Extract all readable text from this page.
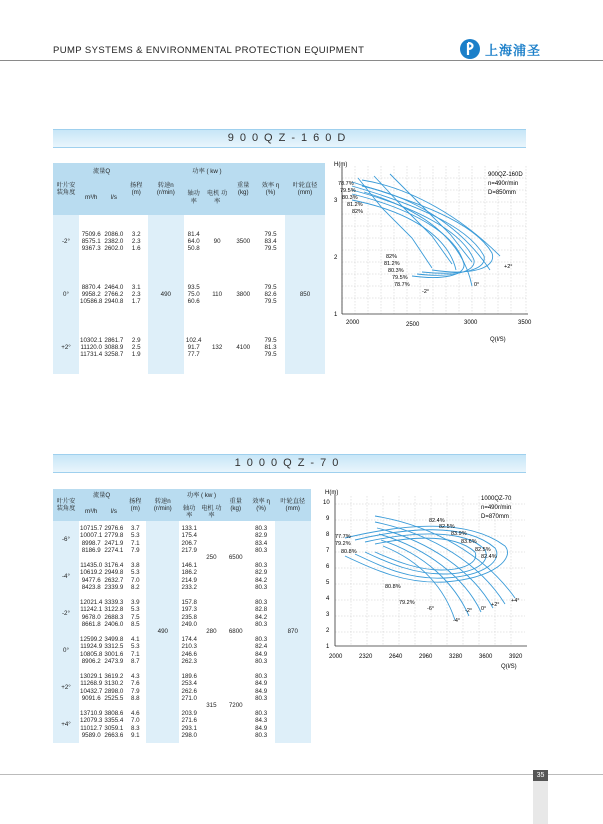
PUMP SYSTEMS & ENVIRONMENTAL PROTECTION EQUIPMENT	上海浦圣
900QZ-160D
叶片安装角度	流量Q		扬程 (m)	转速n (r/min)	功率 ( kw )		重量 (kg)	效率 η (%)	叶轮直径 (mm)
	m³/h	l/s			轴功率	电机 功率			
-2°	7509.6
8575.1
9367.3	2086.0
2382.0
2602.0	3.2
2.3
1.6	490	81.4
64.0
50.8	90	3500	79.5
83.4
79.5	850
0°	8870.4
9958.2
10586.8	2464.0
2766.2
2940.8	3.1
2.3
1.7		93.5
75.0
60.6	110	3800	79.5
82.6
79.5	
+2°	10302.1
11120.0
11731.4	2861.7
3088.9
3258.7	2.9
2.5
1.9		102.4
91.7
77.7	132	4100	79.5
81.3
79.5	
H(m)
Q(l/S)
1
2
3
2000	2500	3000	3500
900QZ-160D
n=490r/min
D=850mm
78.7%
79.5%
80.3%
81.2%
82%
82%
81.2%
80.3%
79.5%
78.7%
-2°
0°
+2°
1000QZ-70
叶片安装角度	流量Q		扬程 (m)	转速n (r/min)	功率 ( kw )		重量 (kg)	效率 η (%)	叶轮直径 (mm)
	m³/h	l/s			轴功率	电机 功率			
-6°	10715.7
10007.1
8998.7
8186.9	2976.6
2779.8
2471.9
2274.1	3.7
5.3
7.1
7.9	490	133.1
175.4
206.7
217.9	250	6500	80.3
82.9
83.4
80.3	870
-4°	11435.0
10619.2
9477.6
8423.8	3176.4
2949.8
2632.7
2339.9	3.8
5.3
7.0
8.2		146.1
186.2
214.9
233.2			80.3
82.9
84.2
80.3	
-2°	12021.4
11242.1
9678.0
8661.8	3339.3
3122.8
2688.3
2406.0	3.9
5.3
7.5
8.5		157.8
197.3
235.8
249.0	280	6800	80.3
82.8
84.2
80.3	
0°	12599.2
11924.9
10805.8
8906.2	3499.8
3312.5
3001.6
2473.9	4.1
5.3
7.1
8.7		174.4
210.3
246.6
262.3			80.3
82.4
84.9
80.3	
+2°	13029.1
11268.9
10432.7
9091.6	3619.2
3130.2
2898.0
2525.5	4.3
7.6
7.9
8.8		189.6
253.4
262.6
271.0	315	7200	80.3
84.9
84.9
80.3	
+4°	13710.9
12079.3
11012.7
9589.0	3808.6
3355.4
3059.1
2663.6	4.6
7.0
8.3
9.1		203.9
271.6
293.1
298.0			80.3
84.3
84.9
80.3	
H(m)
Q(l/S)
1
2
3
4
5
6
7
8
9
10
2000	2320	2640	2960	3280	3600	3920
1000QZ-70
n=490r/min
D=870mm
77.7%
79.2%
80.8%
82.4%
82.5%
83.9%
83.6%
82.5%
82.4%
80.8%
79.2%
-6°
-4°
-2° 0°
+2°
+4°
35
